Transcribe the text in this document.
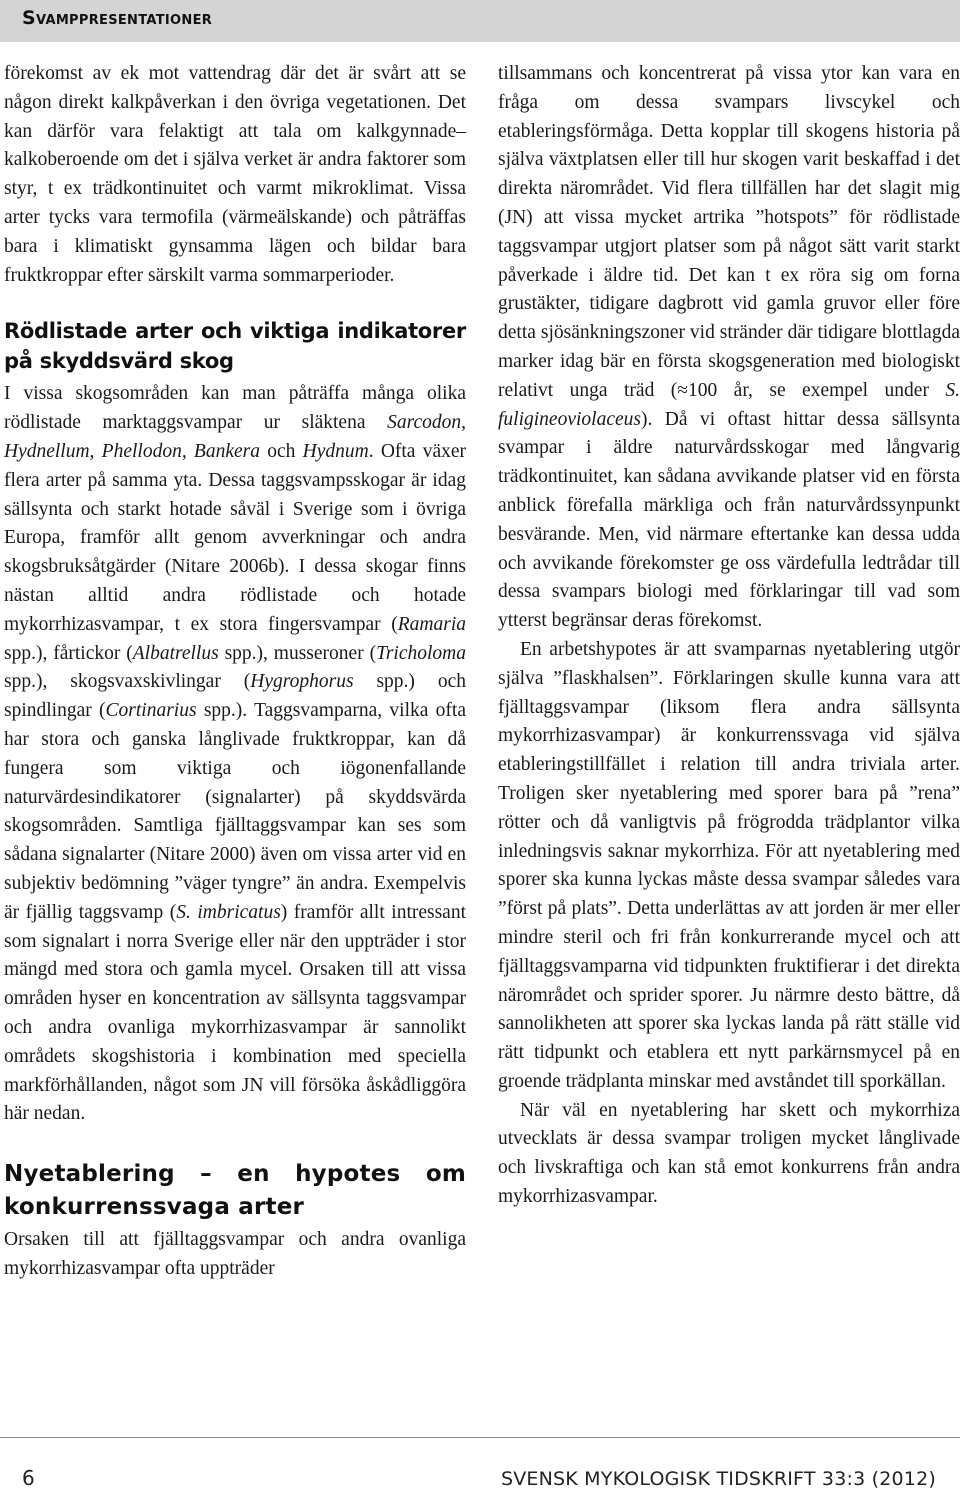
Svamppresentationer

förekomst av ek mot vattendrag där det är svårt att se någon direkt kalkpåverkan i den övriga vegetationen. Det kan därför vara felaktigt att tala om kalkgynnade–kalkoberoende om det i själva verket är andra faktorer som styr, t ex trädkontinuitet och varmt mikroklimat. Vissa arter tycks vara termofila (värmeälskande) och påträffas bara i klimatiskt gynsamma lägen och bildar bara fruktkroppar efter särskilt varma sommarperioder.

Rödlistade arter och viktiga indikatorer på skyddsvärd skog

I vissa skogsområden kan man påträffa många olika rödlistade marktaggsvampar ur släktena Sarcodon, Hydnellum, Phellodon, Bankera och Hydnum. Ofta växer flera arter på samma yta. Dessa taggsvampsskogar är idag sällsynta och starkt hotade såväl i Sverige som i övriga Europa, framför allt genom avverkningar och andra skogsbruksåtgärder (Nitare 2006b). I dessa skogar finns nästan alltid andra rödlistade och hotade mykorrhizasvampar, t ex stora fingersvampar (Ramaria spp.), fårtickor (Albatrellus spp.), musseroner (Tricholoma spp.), skogsvaxskivlingar (Hygrophorus spp.) och spindlingar (Cortinarius spp.). Taggsvamparna, vilka ofta har stora och ganska långlivade fruktkroppar, kan då fungera som viktiga och iögonenfallande naturvärdesindikatorer (signalarter) på skyddsvärda skogsområden. Samtliga fjälltaggsvampar kan ses som sådana signalarter (Nitare 2000) även om vissa arter vid en subjektiv bedömning ”väger tyngre” än andra. Exempelvis är fjällig taggsvamp (S. imbricatus) framför allt intressant som signalart i norra Sverige eller när den uppträder i stor mängd med stora och gamla mycel. Orsaken till att vissa områden hyser en koncentration av sällsynta taggsvampar och andra ovanliga mykorrhizasvampar är sannolikt områdets skogshistoria i kombination med speciella markförhållanden, något som JN vill försöka åskådliggöra här nedan.

Nyetablering – en hypotes om konkurrenssvaga arter

Orsaken till att fjälltaggsvampar och andra ovanliga mykorrhizasvampar ofta uppträder

tillsammans och koncentrerat på vissa ytor kan vara en fråga om dessa svampars livscykel och etableringsförmåga. Detta kopplar till skogens historia på själva växtplatsen eller till hur skogen varit beskaffad i det direkta närområdet. Vid flera tillfällen har det slagit mig (JN) att vissa mycket artrika ”hotspots” för rödlistade taggsvampar utgjort platser som på något sätt varit starkt påverkade i äldre tid. Det kan t ex röra sig om forna grustäkter, tidigare dagbrott vid gamla gruvor eller före detta sjösänkningszoner vid stränder där tidigare blottlagda marker idag bär en första skogsgeneration med biologiskt relativt unga träd (≈100 år, se exempel under S. fuligineoviolaceus). Då vi oftast hittar dessa sällsynta svampar i äldre naturvårdsskogar med långvarig trädkontinuitet, kan sådana avvikande platser vid en första anblick förefalla märkliga och från naturvårdssynpunkt besvärande. Men, vid närmare eftertanke kan dessa udda och avvikande förekomster ge oss värdefulla ledtrådar till dessa svampars biologi med förklaringar till vad som ytterst begränsar deras förekomst.

En arbetshypotes är att svamparnas nyetablering utgör själva ”flaskhalsen”. Förklaringen skulle kunna vara att fjälltaggsvampar (liksom flera andra sällsynta mykorrhizasvampar) är konkurrenssvaga vid själva etableringstillfället i relation till andra triviala arter. Troligen sker nyetablering med sporer bara på ”rena” rötter och då vanligtvis på frögrodda trädplantor vilka inledningsvis saknar mykorrhiza. För att nyetablering med sporer ska kunna lyckas måste dessa svampar således vara ”först på plats”. Detta underlättas av att jorden är mer eller mindre steril och fri från konkurrerande mycel och att fjälltaggsvamparna vid tidpunkten fruktifierar i det direkta närområdet och sprider sporer. Ju närmre desto bättre, då sannolikheten att sporer ska lyckas landa på rätt ställe vid rätt tidpunkt och etablera ett nytt parkärnsmycel på en groende trädplanta minskar med avståndet till sporkällan.

När väl en nyetablering har skett och mykorrhiza utvecklats är dessa svampar troligen mycket långlivade och livskraftiga och kan stå emot konkurrens från andra mykorrhizasvampar.

6	SVENSK MYKOLOGISK TIDSKRIFT 33:3 (2012)
